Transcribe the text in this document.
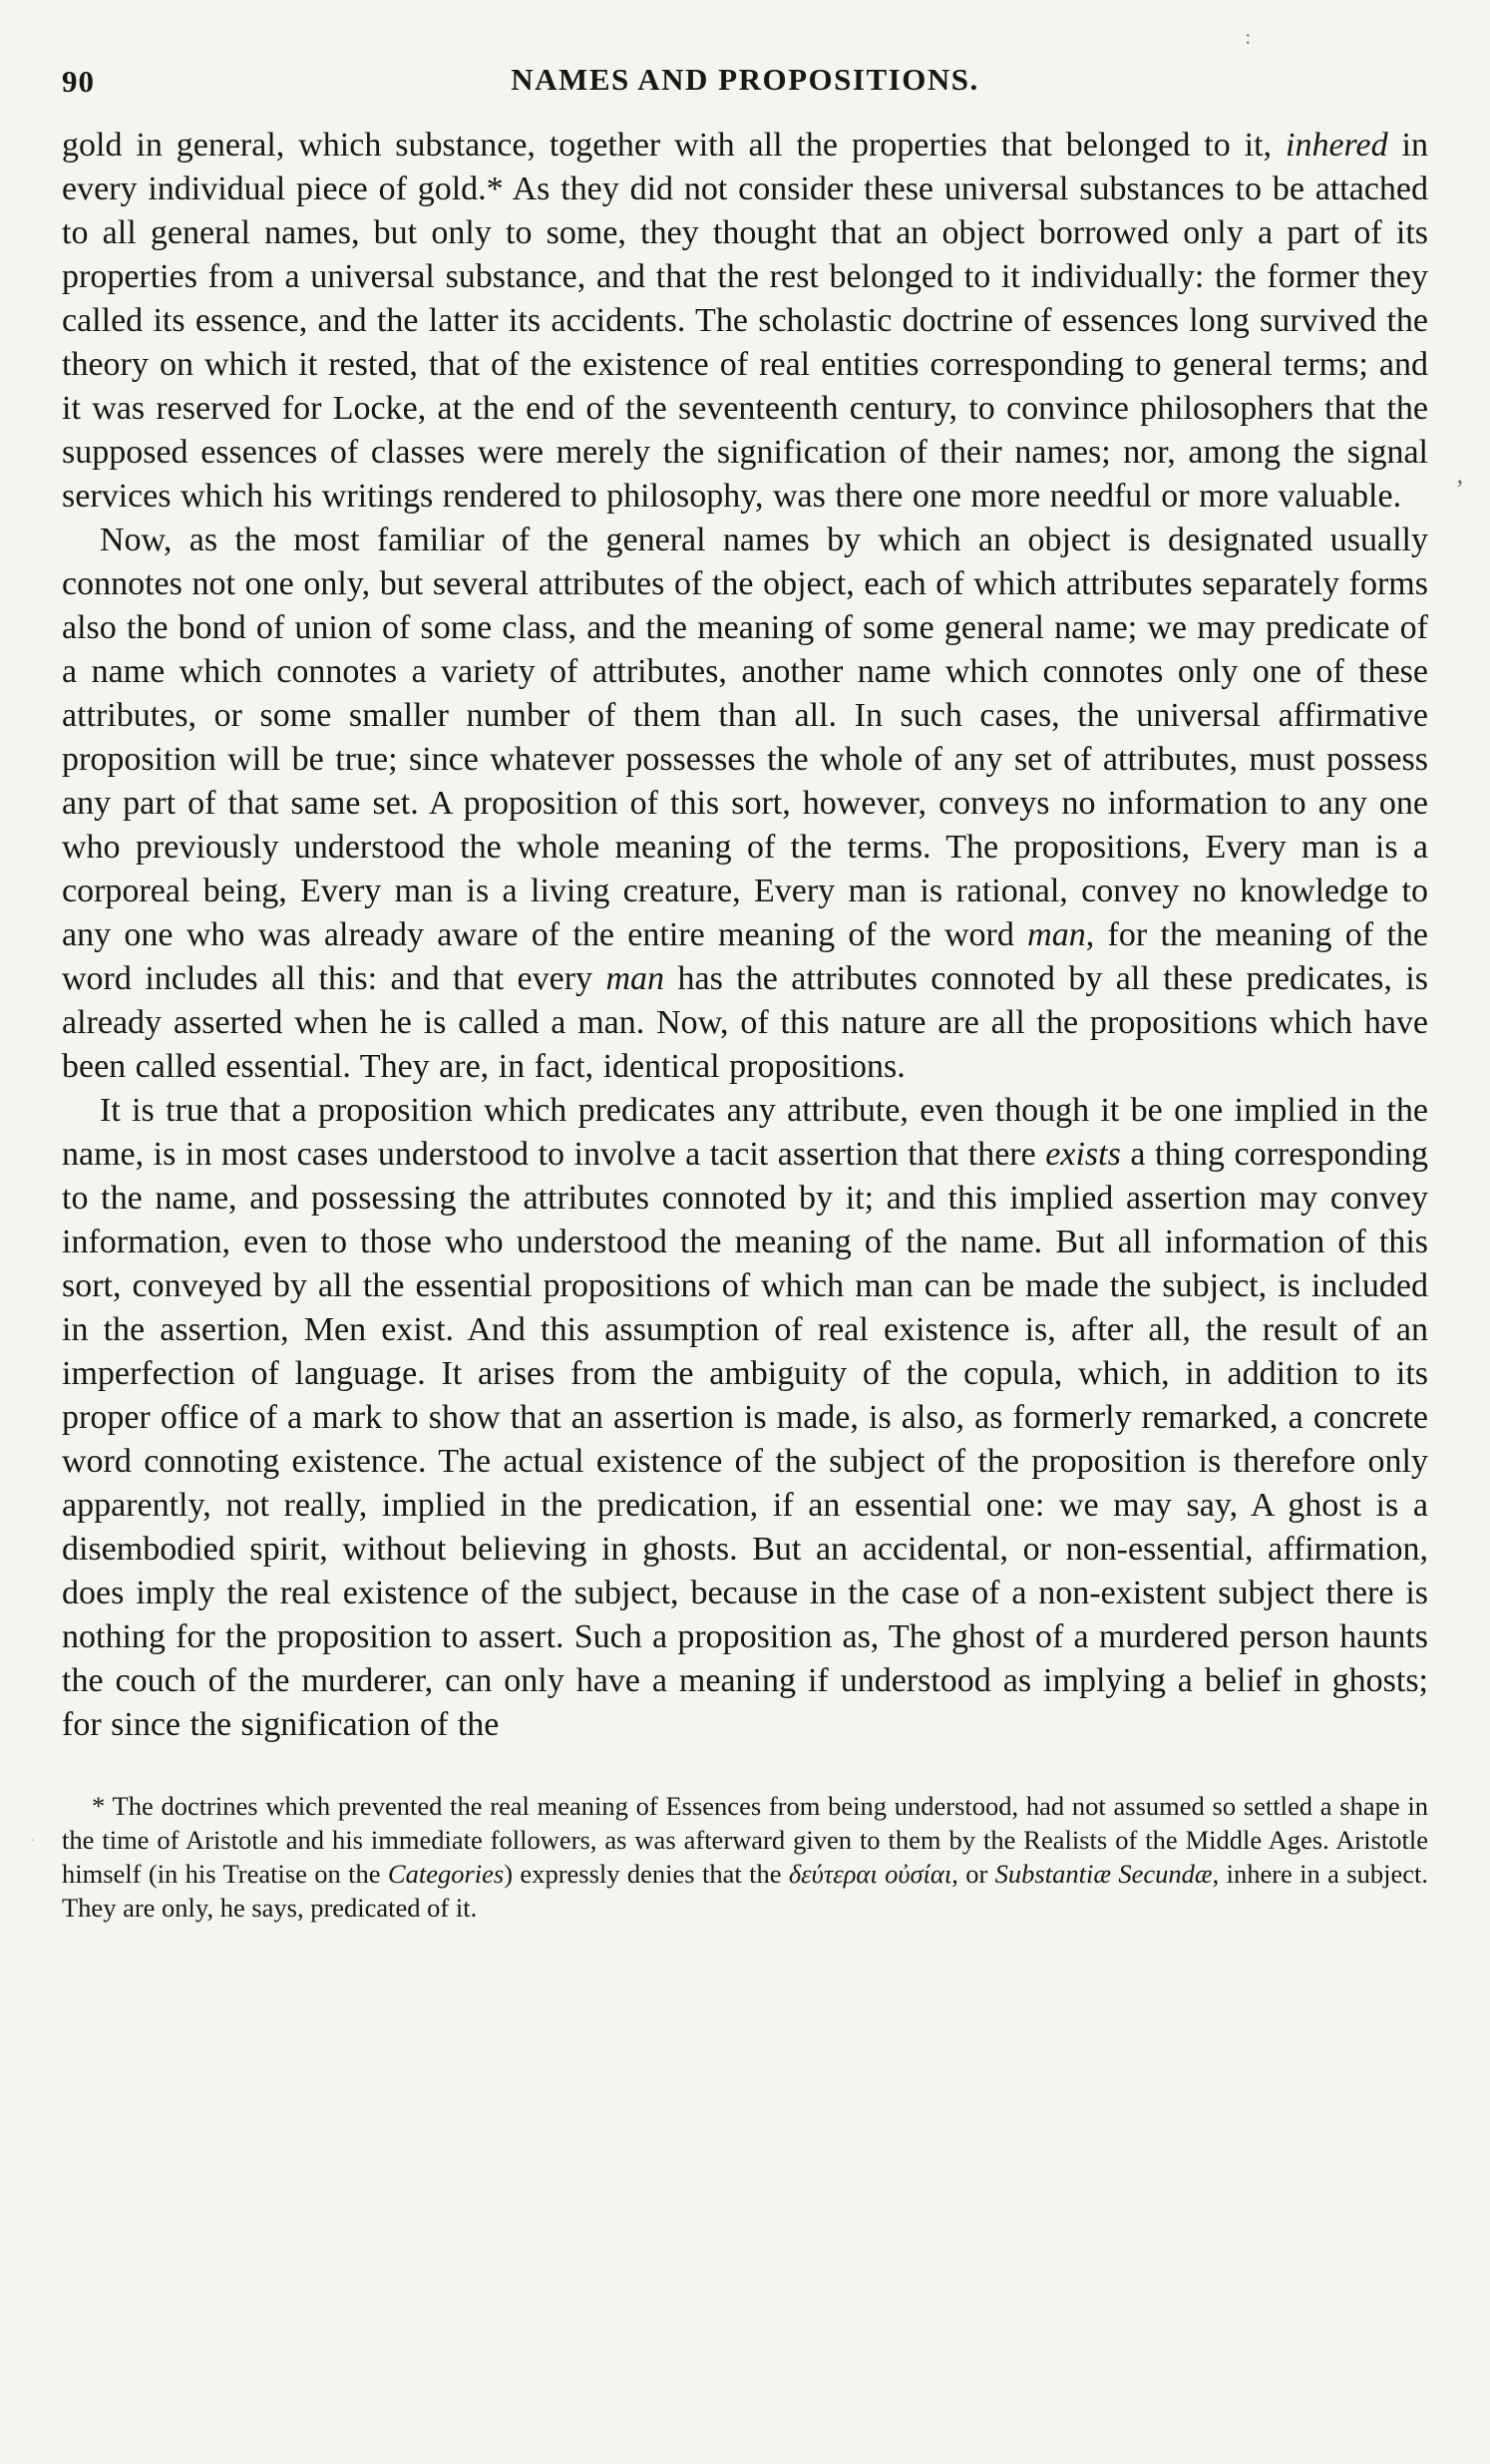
:
’
·
90	NAMES AND PROPOSITIONS.

gold in general, which substance, together with all the properties that belonged to it, inhered in every individual piece of gold.* As they did not consider these universal substances to be attached to all general names, but only to some, they thought that an object borrowed only a part of its properties from a universal substance, and that the rest belonged to it individually: the former they called its essence, and the latter its accidents. The scholastic doctrine of essences long survived the theory on which it rested, that of the existence of real entities corresponding to general terms; and it was reserved for Locke, at the end of the seventeenth century, to convince philosophers that the supposed essences of classes were merely the signification of their names; nor, among the signal services which his writings rendered to philosophy, was there one more needful or more valuable.

Now, as the most familiar of the general names by which an object is designated usually connotes not one only, but several attributes of the object, each of which attributes separately forms also the bond of union of some class, and the meaning of some general name; we may predicate of a name which connotes a variety of attributes, another name which connotes only one of these attributes, or some smaller number of them than all. In such cases, the universal affirmative proposition will be true; since whatever possesses the whole of any set of attributes, must possess any part of that same set. A proposition of this sort, however, conveys no information to any one who previously understood the whole meaning of the terms. The propositions, Every man is a corporeal being, Every man is a living creature, Every man is rational, convey no knowledge to any one who was already aware of the entire meaning of the word man, for the meaning of the word includes all this: and that every man has the attributes connoted by all these predicates, is already asserted when he is called a man. Now, of this nature are all the propositions which have been called essential. They are, in fact, identical propositions.

It is true that a proposition which predicates any attribute, even though it be one implied in the name, is in most cases understood to involve a tacit assertion that there exists a thing corresponding to the name, and possessing the attributes connoted by it; and this implied assertion may convey information, even to those who understood the meaning of the name. But all information of this sort, conveyed by all the essential propositions of which man can be made the subject, is included in the assertion, Men exist. And this assumption of real existence is, after all, the result of an imperfection of language. It arises from the ambiguity of the copula, which, in addition to its proper office of a mark to show that an assertion is made, is also, as formerly remarked, a concrete word connoting existence. The actual existence of the subject of the proposition is therefore only apparently, not really, implied in the predication, if an essential one: we may say, A ghost is a disembodied spirit, without believing in ghosts. But an accidental, or non-essential, affirmation, does imply the real existence of the subject, because in the case of a non-existent subject there is nothing for the proposition to assert. Such a proposition as, The ghost of a murdered person haunts the couch of the murderer, can only have a meaning if understood as implying a belief in ghosts; for since the signification of the

* The doctrines which prevented the real meaning of Essences from being understood, had not assumed so settled a shape in the time of Aristotle and his immediate followers, as was afterward given to them by the Realists of the Middle Ages. Aristotle himself (in his Treatise on the Categories) expressly denies that the δεύτεραι οὐσίαι, or Substantiæ Secundæ, inhere in a subject. They are only, he says, predicated of it.
